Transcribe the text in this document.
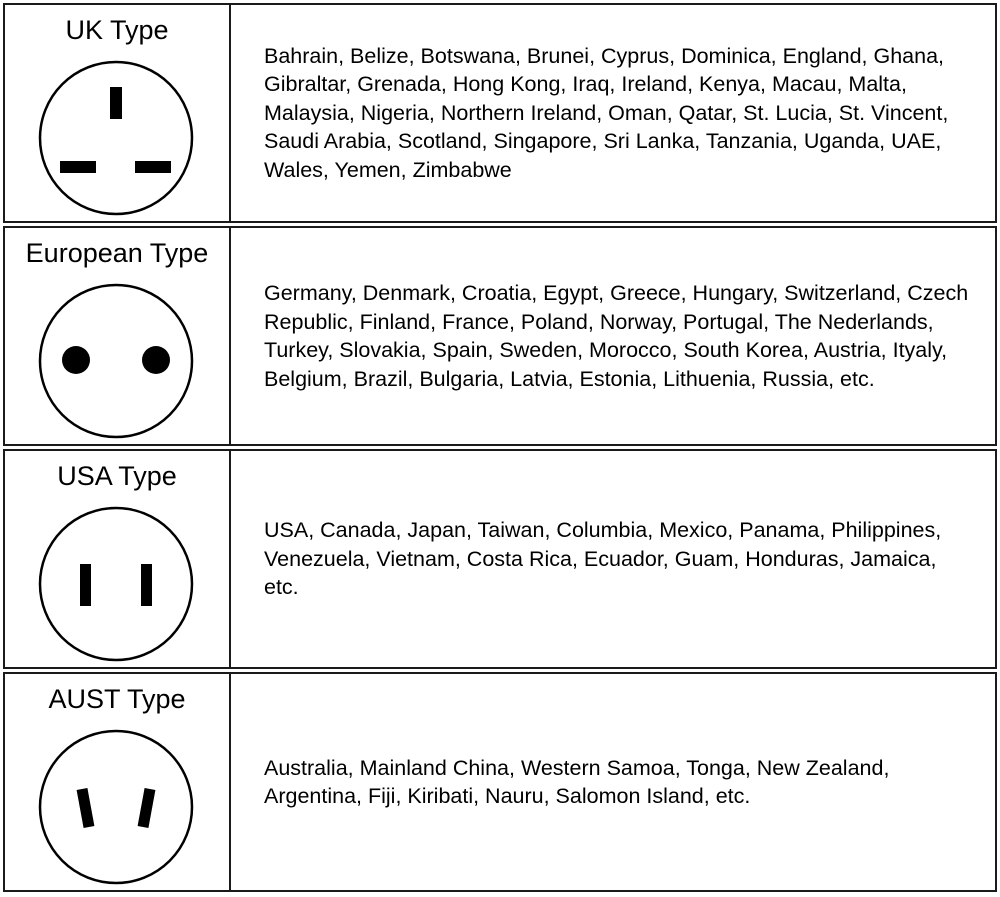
UK Type

Bahrain, Belize, Botswana, Brunei, Cyprus, Dominica, England, Ghana, Gibraltar, Grenada, Hong Kong, Iraq, Ireland, Kenya, Macau, Malta, Malaysia, Nigeria, Northern Ireland, Oman, Qatar, St. Lucia, St. Vincent, Saudi Arabia, Scotland, Singapore, Sri Lanka, Tanzania, Uganda, UAE, Wales, Yemen, Zimbabwe

European Type

Germany, Denmark, Croatia, Egypt, Greece, Hungary, Switzerland, Czech Republic, Finland, France, Poland, Norway, Portugal, The Nederlands, Turkey, Slovakia, Spain, Sweden, Morocco, South Korea, Austria, Ityaly, Belgium, Brazil, Bulgaria, Latvia, Estonia, Lithuenia, Russia, etc.

USA Type

USA, Canada, Japan, Taiwan, Columbia, Mexico, Panama, Philippines, Venezuela, Vietnam, Costa Rica, Ecuador, Guam, Honduras, Jamaica, etc.

AUST Type

Australia, Mainland China, Western Samoa, Tonga, New Zealand, Argentina, Fiji, Kiribati, Nauru, Salomon Island, etc.
